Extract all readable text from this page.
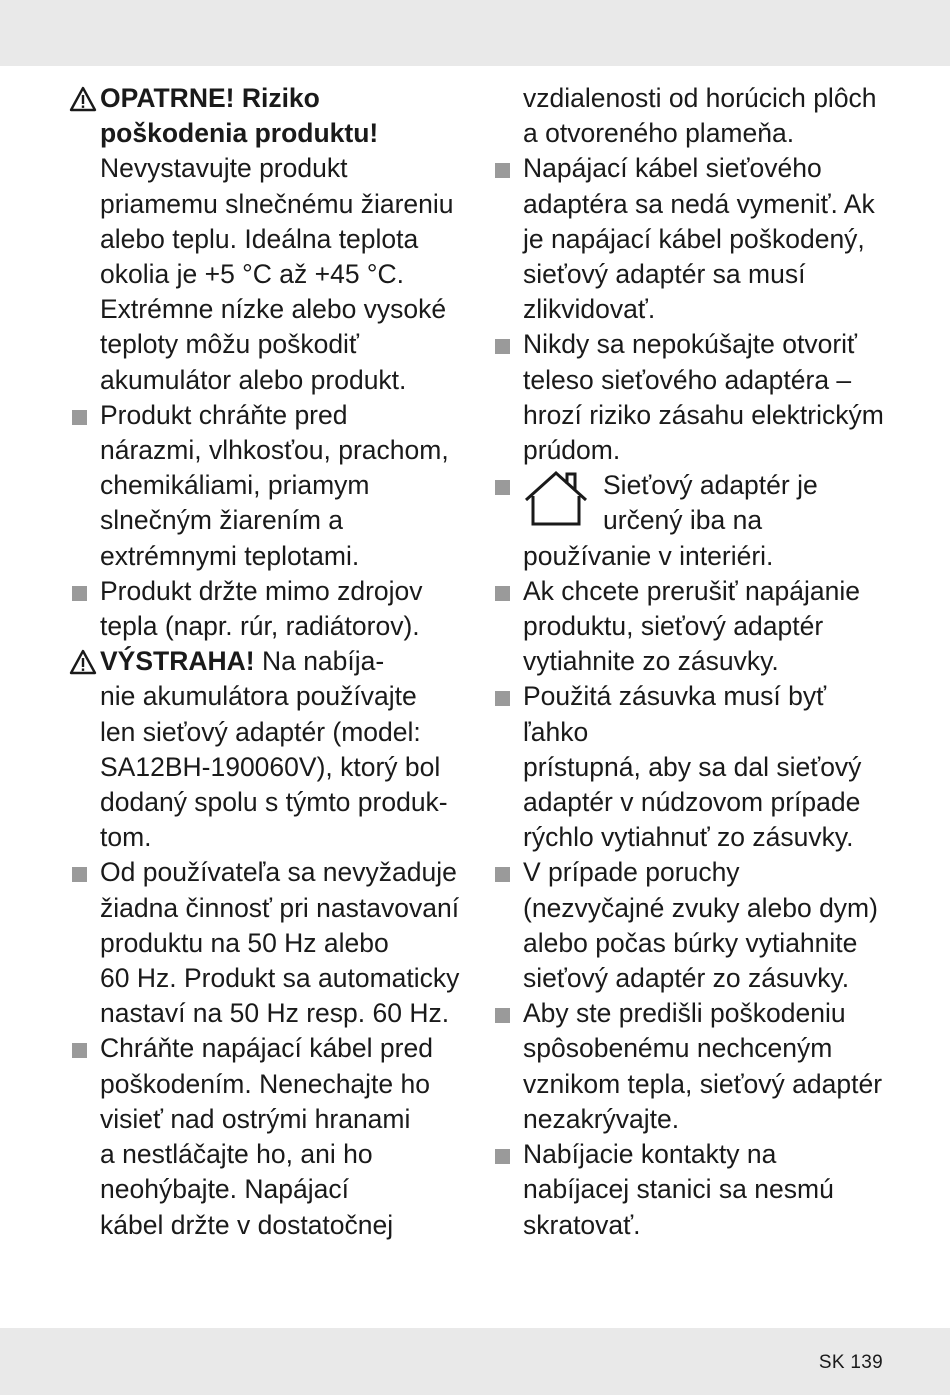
OPATRNE! Riziko

poškodenia produktu!

Nevystavujte produkt

priamemu slnečnému žiareniu

alebo teplu. Ideálna teplota

okolia je +5 °C až +45 °C.

Extrémne nízke alebo vysoké

teploty môžu poškodiť

akumulátor alebo produkt.

Produkt chráňte pred

nárazmi, vlhkosťou, prachom,

chemikáliami, priamym

slnečným žiarením a

extrémnymi teplotami.

Produkt držte mimo zdrojov

tepla (napr. rúr, radiátorov).

VÝSTRAHA! Na nabíja-

nie akumulátora používajte

len sieťový adaptér (model:

SA12BH-190060V), ktorý bol

dodaný spolu s týmto produk-

tom.

Od používateľa sa nevyžaduje

žiadna činnosť pri nastavovaní

produktu na 50 Hz alebo

60 Hz. Produkt sa automaticky

nastaví na 50 Hz resp. 60 Hz.

Chráňte napájací kábel pred

poškodením. Nenechajte ho

visieť nad ostrými hranami

a nestláčajte ho, ani ho

neohýbajte. Napájací

kábel držte v dostatočnej

vzdialenosti od horúcich plôch

a otvoreného plameňa.

Napájací kábel sieťového

adaptéra sa nedá vymeniť. Ak

je napájací kábel poškodený,

sieťový adaptér sa musí

zlikvidovať.

Nikdy sa nepokúšajte otvoriť

teleso sieťového adaptéra –

hrozí riziko zásahu elektrickým

prúdom.

Sieťový adaptér je

určený iba na

používanie v interiéri.

Ak chcete prerušiť napájanie

produktu, sieťový adaptér

vytiahnite zo zásuvky.

Použitá zásuvka musí byť ľahko

prístupná, aby sa dal sieťový

adaptér v núdzovom prípade

rýchlo vytiahnuť zo zásuvky.

V prípade poruchy

(nezvyčajné zvuky alebo dym)

alebo počas búrky vytiahnite

sieťový adaptér zo zásuvky.

Aby ste predišli poškodeniu

spôsobenému nechceným

vznikom tepla, sieťový adaptér

nezakrývajte.

Nabíjacie kontakty na

nabíjacej stanici sa nesmú

skratovať.

SK 139
